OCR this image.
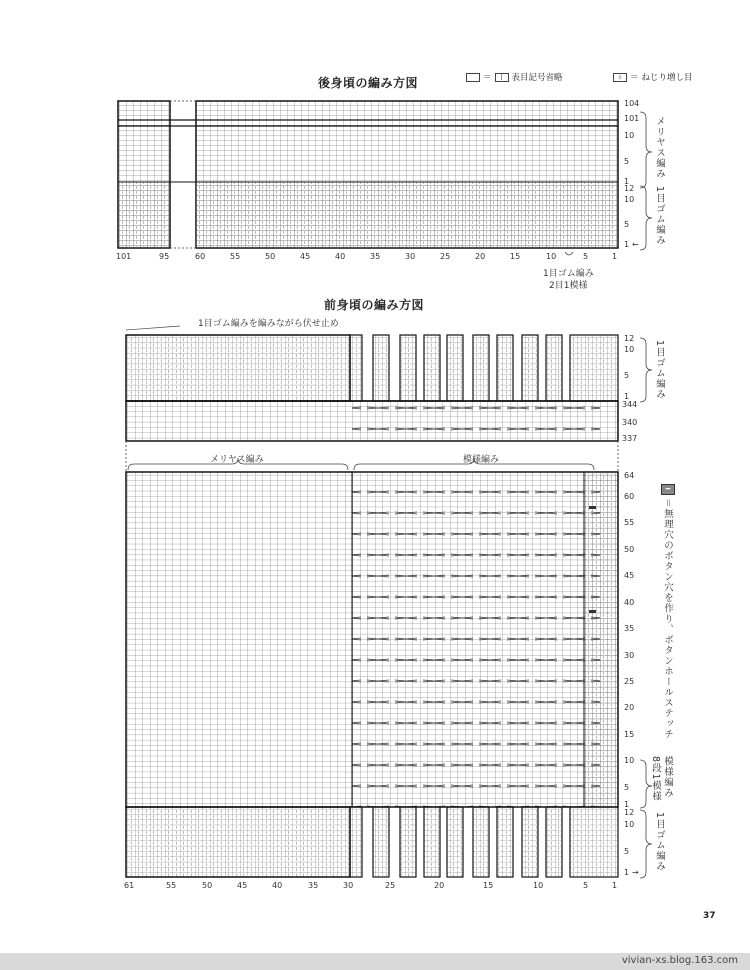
後身頃の編み方図	＝	|	表目記号省略	ᛟ ＝ ねじり増し目
104
101
10
5
1
12
10
5
1 ←
メリヤス編み
1目ゴム編み
101	95	60	55	50	45	40	35	30	25	20	15	10	5	1
1目ゴム編み
2目1模様
前身頃の編み方図
1目ゴム編みを編みながら伏せ止め
12
10
5
1
344
340
337
1目ゴム編み
メリヤス編み	模様編み
64
60
55
50
45
40
35
30
25
20
15
10
5
1
模様編み
8段1模様
12
10
5
1 →
1目ゴム編み
61	55	50	45	40	35	30	25	20	15	10	5	1
━
＝無理穴のボタン穴を作り、ボタンホールステッチ
37
vivian-xs.blog.163.com
